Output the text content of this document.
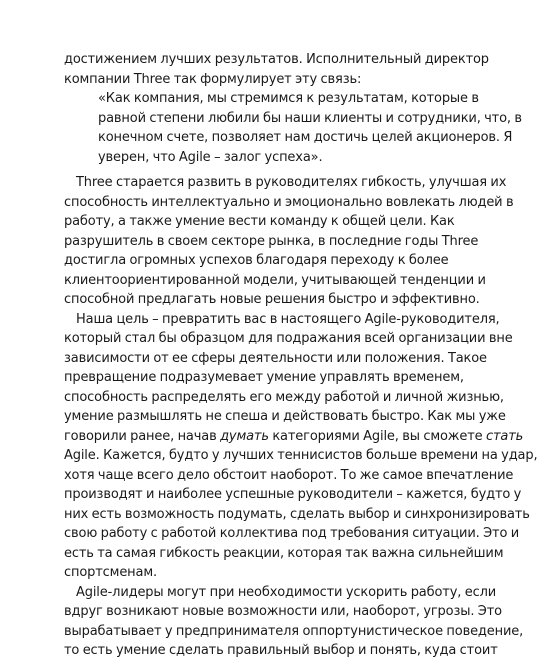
достижением лучших результатов. Исполнительный директор
компании Three так формулирует эту связь:
«Как компания, мы стремимся к результатам, которые в
равной степени любили бы наши клиенты и сотрудники, что, в
конечном счете, позволяет нам достичь целей акционеров. Я
уверен, что Agile – залог успеха».
Three старается развить в руководителях гибкость, улучшая их
способность интеллектуально и эмоционально вовлекать людей в
работу, а также умение вести команду к общей цели. Как
разрушитель в своем секторе рынка, в последние годы Three
достигла огромных успехов благодаря переходу к более
клиентоориентированной модели, учитывающей тенденции и
способной предлагать новые решения быстро и эффективно.
Наша цель – превратить вас в настоящего Agile-руководителя,
который стал бы образцом для подражания всей организации вне
зависимости от ее сферы деятельности или положения. Такое
превращение подразумевает умение управлять временем,
способность распределять его между работой и личной жизнью,
умение размышлять не спеша и действовать быстро. Как мы уже
говорили ранее, начав думать категориями Agile, вы сможете стать
Agile. Кажется, будто у лучших теннисистов больше времени на удар,
хотя чаще всего дело обстоит наоборот. То же самое впечатление
производят и наиболее успешные руководители – кажется, будто у
них есть возможность подумать, сделать выбор и синхронизировать
свою работу с работой коллектива под требования ситуации. Это и
есть та самая гибкость реакции, которая так важна сильнейшим
спортсменам.
Agile-лидеры могут при необходимости ускорить работу, если
вдруг возникают новые возможности или, наоборот, угрозы. Это
вырабатывает у предпринимателя оппортунистическое поведение,
то есть умение сделать правильный выбор и понять, куда стоит
